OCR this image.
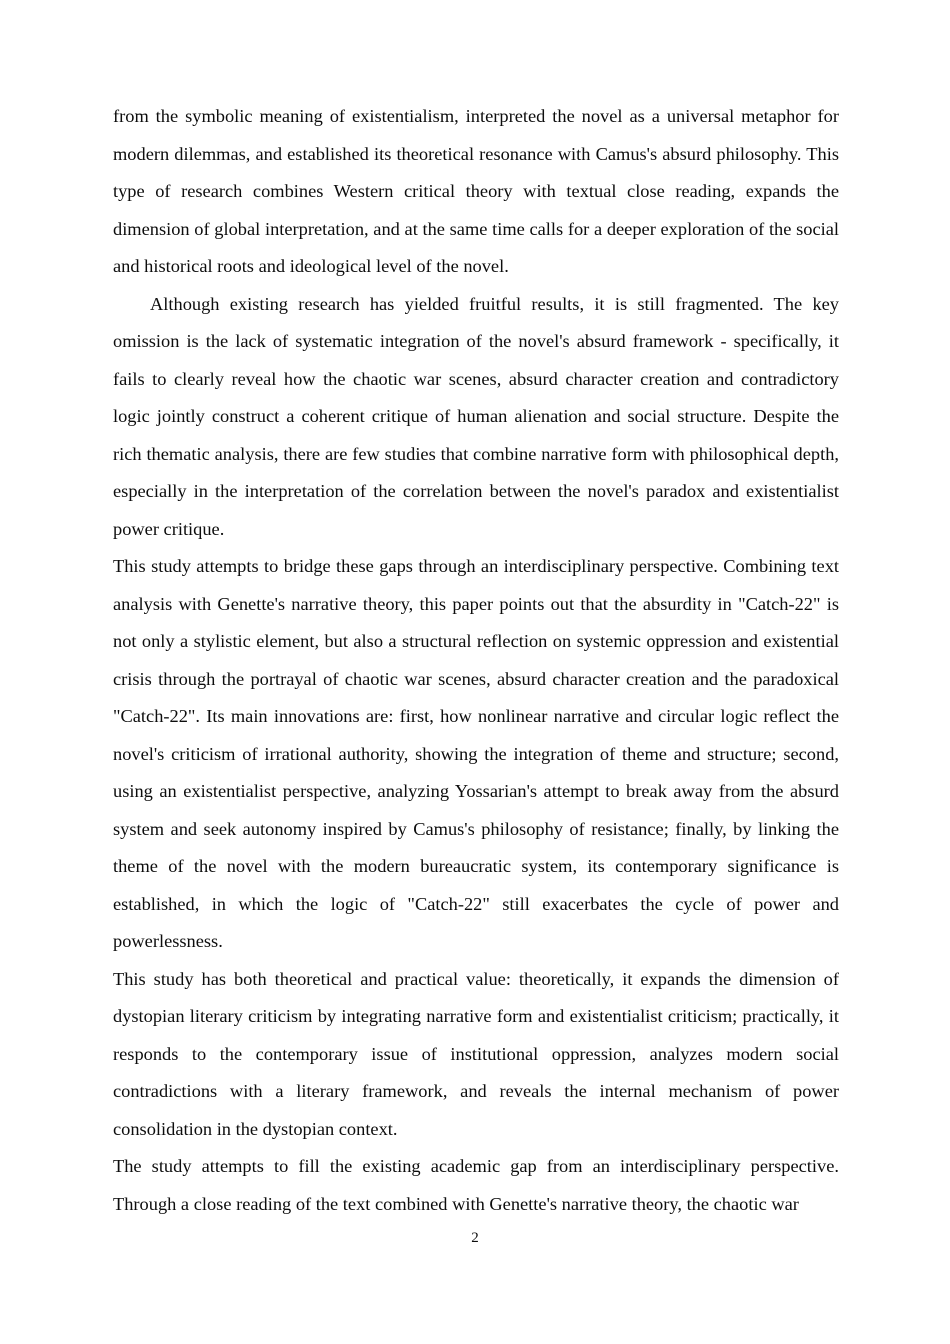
from the symbolic meaning of existentialism, interpreted the novel as a universal metaphor for modern dilemmas, and established its theoretical resonance with Camus's absurd philosophy. This type of research combines Western critical theory with textual close reading, expands the dimension of global interpretation, and at the same time calls for a deeper exploration of the social and historical roots and ideological level of the novel.

Although existing research has yielded fruitful results, it is still fragmented. The key omission is the lack of systematic integration of the novel's absurd framework - specifically, it fails to clearly reveal how the chaotic war scenes, absurd character creation and contradictory logic jointly construct a coherent critique of human alienation and social structure. Despite the rich thematic analysis, there are few studies that combine narrative form with philosophical depth, especially in the interpretation of the correlation between the novel's paradox and existentialist power critique.

This study attempts to bridge these gaps through an interdisciplinary perspective. Combining text analysis with Genette's narrative theory, this paper points out that the absurdity in "Catch-22" is not only a stylistic element, but also a structural reflection on systemic oppression and existential crisis through the portrayal of chaotic war scenes, absurd character creation and the paradoxical "Catch-22". Its main innovations are: first, how nonlinear narrative and circular logic reflect the novel's criticism of irrational authority, showing the integration of theme and structure; second, using an existentialist perspective, analyzing Yossarian's attempt to break away from the absurd system and seek autonomy inspired by Camus's philosophy of resistance; finally, by linking the theme of the novel with the modern bureaucratic system, its contemporary significance is established, in which the logic of "Catch-22" still exacerbates the cycle of power and powerlessness.

This study has both theoretical and practical value: theoretically, it expands the dimension of dystopian literary criticism by integrating narrative form and existentialist criticism; practically, it responds to the contemporary issue of institutional oppression, analyzes modern social contradictions with a literary framework, and reveals the internal mechanism of power consolidation in the dystopian context.

The study attempts to fill the existing academic gap from an interdisciplinary perspective. Through a close reading of the text combined with Genette's narrative theory, the chaotic war

2
